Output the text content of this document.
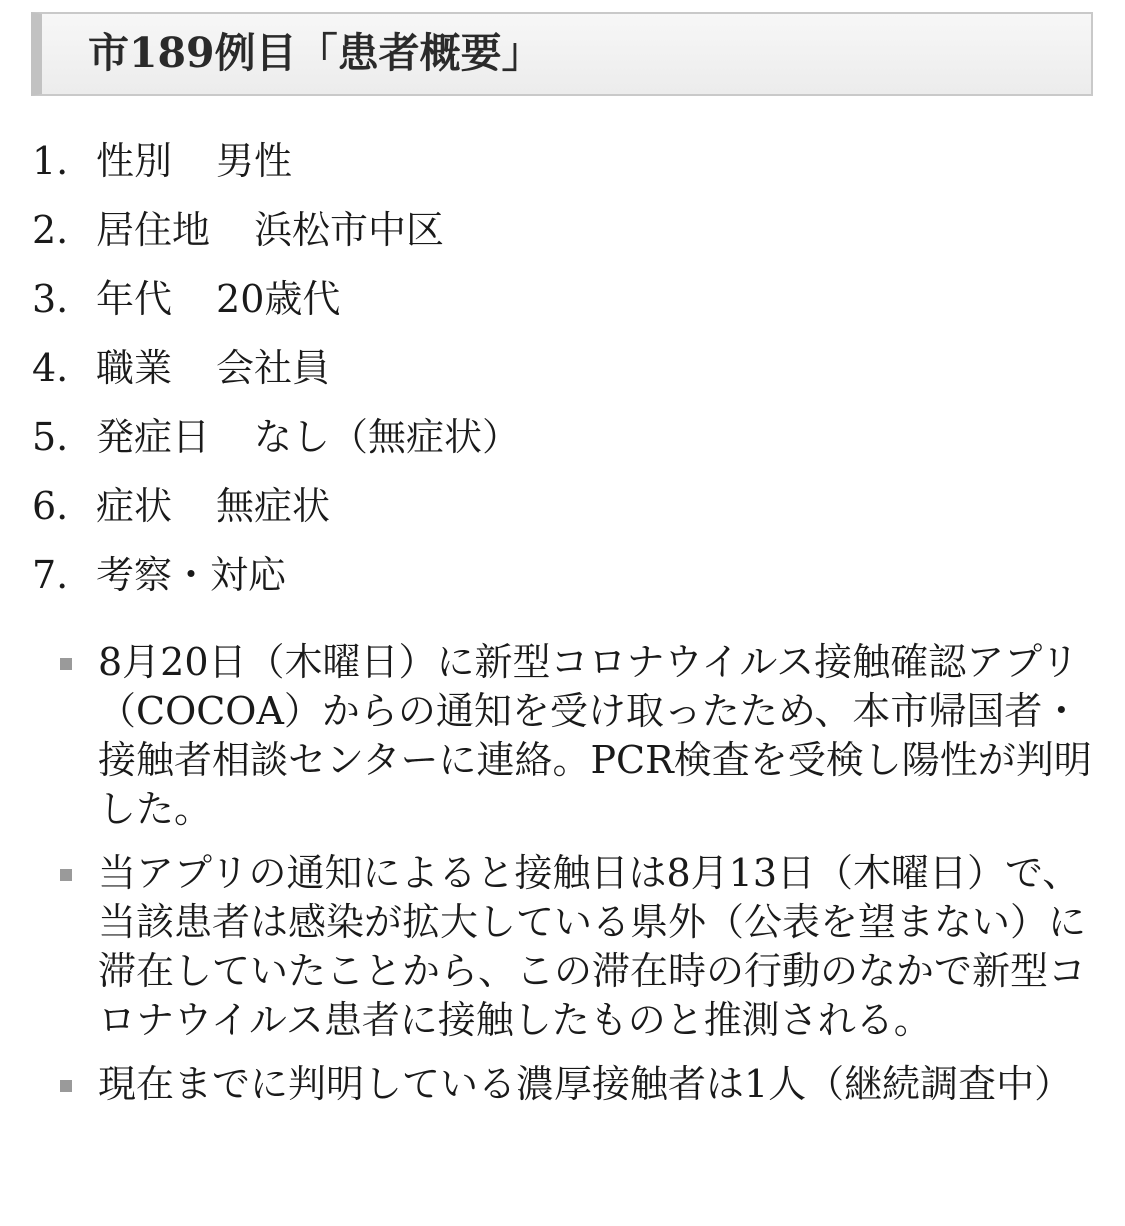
市189例目「患者概要」
1. 性別 男性
2. 居住地 浜松市中区
3. 年代 20歳代
4. 職業 会社員
5. 発症日 なし（無症状）
6. 症状 無症状
7. 考察・対応
8月20日（木曜日）に新型コロナウイルス接触確認アプリ（COCOA）からの通知を受け取ったため、本市帰国者・接触者相談センターに連絡。PCR検査を受検し陽性が判明した。
当アプリの通知によると接触日は8月13日（木曜日）で、当該患者は感染が拡大している県外（公表を望まない）に滞在していたことから、この滞在時の行動のなかで新型コロナウイルス患者に接触したものと推測される。
現在までに判明している濃厚接触者は1人（継続調査中）
